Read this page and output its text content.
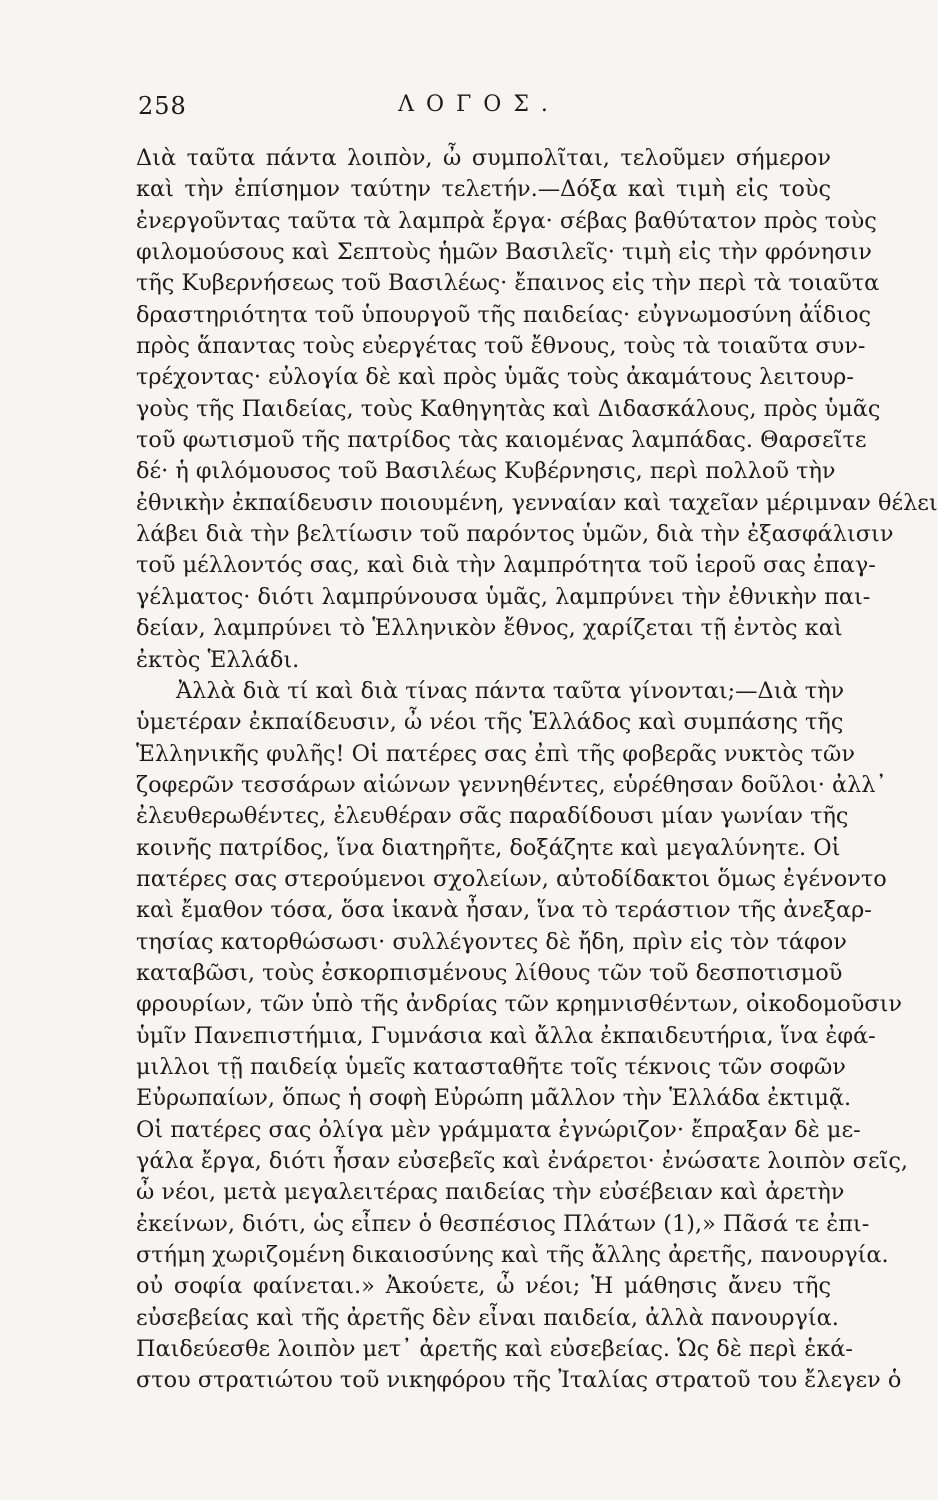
258	ΛΟΓΟΣ.
Διὰ ταῦτα πάντα λοιπὸν, ὦ συμπολῖται, τελοῦμεν σήμερον
καὶ τὴν ἐπίσημον ταύτην τελετήν.—Δόξα καὶ τιμὴ εἰς τοὺς
ἐνεργοῦντας ταῦτα τὰ λαμπρὰ ἔργα· σέβας βαθύτατον πρὸς τοὺς
φιλομούσους καὶ Σεπτοὺς ἡμῶν Βασιλεῖς· τιμὴ εἰς τὴν φρόνησιν
τῆς Κυβερνήσεως τοῦ Βασιλέως· ἔπαινος εἰς τὴν περὶ τὰ τοιαῦτα
δραστηριότητα τοῦ ὑπουργοῦ τῆς παιδείας· εὐγνωμοσύνη ἀΐδιος
πρὸς ἅπαντας τοὺς εὐεργέτας τοῦ ἔθνους, τοὺς τὰ τοιαῦτα συν-
τρέχοντας· εὐλογία δὲ καὶ πρὸς ὑμᾶς τοὺς ἀκαμάτους λειτουρ-
γοὺς τῆς Παιδείας, τοὺς Καθηγητὰς καὶ Διδασκάλους, πρὸς ὑμᾶς
τοῦ φωτισμοῦ τῆς πατρίδος τὰς καιομένας λαμπάδας. Θαρσεῖτε
δέ· ἡ φιλόμουσος τοῦ Βασιλέως Κυβέρνησις, περὶ πολλοῦ τὴν
ἐθνικὴν ἐκπαίδευσιν ποιουμένη, γενναίαν καὶ ταχεῖαν μέριμναν θέλει
λάβει διὰ τὴν βελτίωσιν τοῦ παρόντος ὑμῶν, διὰ τὴν ἐξασφάλισιν
τοῦ μέλλοντός σας, καὶ διὰ τὴν λαμπρότητα τοῦ ἱεροῦ σας ἐπαγ-
γέλματος· διότι λαμπρύνουσα ὑμᾶς, λαμπρύνει τὴν ἐθνικὴν παι-
δείαν, λαμπρύνει τὸ Ἑλληνικὸν ἔθνος, χαρίζεται τῇ ἐντὸς καὶ
ἐκτὸς Ἑλλάδι.
Ἀλλὰ διὰ τί καὶ διὰ τίνας πάντα ταῦτα γίνονται;—Διὰ τὴν
ὑμετέραν ἐκπαίδευσιν, ὦ νέοι τῆς Ἑλλάδος καὶ συμπάσης τῆς
Ἑλληνικῆς φυλῆς! Οἱ πατέρες σας ἐπὶ τῆς φοβερᾶς νυκτὸς τῶν
ζοφερῶν τεσσάρων αἰώνων γεννηθέντες, εὑρέθησαν δοῦλοι· ἀλλ᾽
ἐλευθερωθέντες, ἐλευθέραν σᾶς παραδίδουσι μίαν γωνίαν τῆς
κοινῆς πατρίδος, ἵνα διατηρῆτε, δοξάζητε καὶ μεγαλύνητε. Οἱ
πατέρες σας στερούμενοι σχολείων, αὐτοδίδακτοι ὅμως ἐγένοντο
καὶ ἔμαθον τόσα, ὅσα ἱκανὰ ἦσαν, ἵνα τὸ τεράστιον τῆς ἀνεξαρ-
τησίας κατορθώσωσι· συλλέγοντες δὲ ἤδη, πρὶν εἰς τὸν τάφον
καταβῶσι, τοὺς ἐσκορπισμένους λίθους τῶν τοῦ δεσποτισμοῦ
φρουρίων, τῶν ὑπὸ τῆς ἀνδρίας τῶν κρημνισθέντων, οἰκοδομοῦσιν
ὑμῖν Πανεπιστήμια, Γυμνάσια καὶ ἄλλα ἐκπαιδευτήρια, ἵνα ἐφά-
μιλλοι τῇ παιδείᾳ ὑμεῖς κατασταθῆτε τοῖς τέκνοις τῶν σοφῶν
Εὐρωπαίων, ὅπως ἡ σοφὴ Εὐρώπη μᾶλλον τὴν Ἑλλάδα ἐκτιμᾷ.
Οἱ πατέρες σας ὀλίγα μὲν γράμματα ἐγνώριζον· ἔπραξαν δὲ με-
γάλα ἔργα, διότι ἦσαν εὐσεβεῖς καὶ ἐνάρετοι· ἐνώσατε λοιπὸν σεῖς,
ὦ νέοι, μετὰ μεγαλειτέρας παιδείας τὴν εὐσέβειαν καὶ ἀρετὴν
ἐκείνων, διότι, ὡς εἶπεν ὁ θεσπέσιος Πλάτων (1),» Πᾶσά τε ἐπι-
στήμη χωριζομένη δικαιοσύνης καὶ τῆς ἄλλης ἀρετῆς, πανουργία.
οὐ σοφία φαίνεται.» Ἀκούετε, ὦ νέοι; Ἡ μάθησις ἄνευ τῆς
εὐσεβείας καὶ τῆς ἀρετῆς δὲν εἶναι παιδεία, ἀλλὰ πανουργία.
Παιδεύεσθε λοιπὸν μετ᾽ ἀρετῆς καὶ εὐσεβείας. Ὡς δὲ περὶ ἑκά-
στου στρατιώτου τοῦ νικηφόρου τῆς Ἰταλίας στρατοῦ του ἔλεγεν ὁ
